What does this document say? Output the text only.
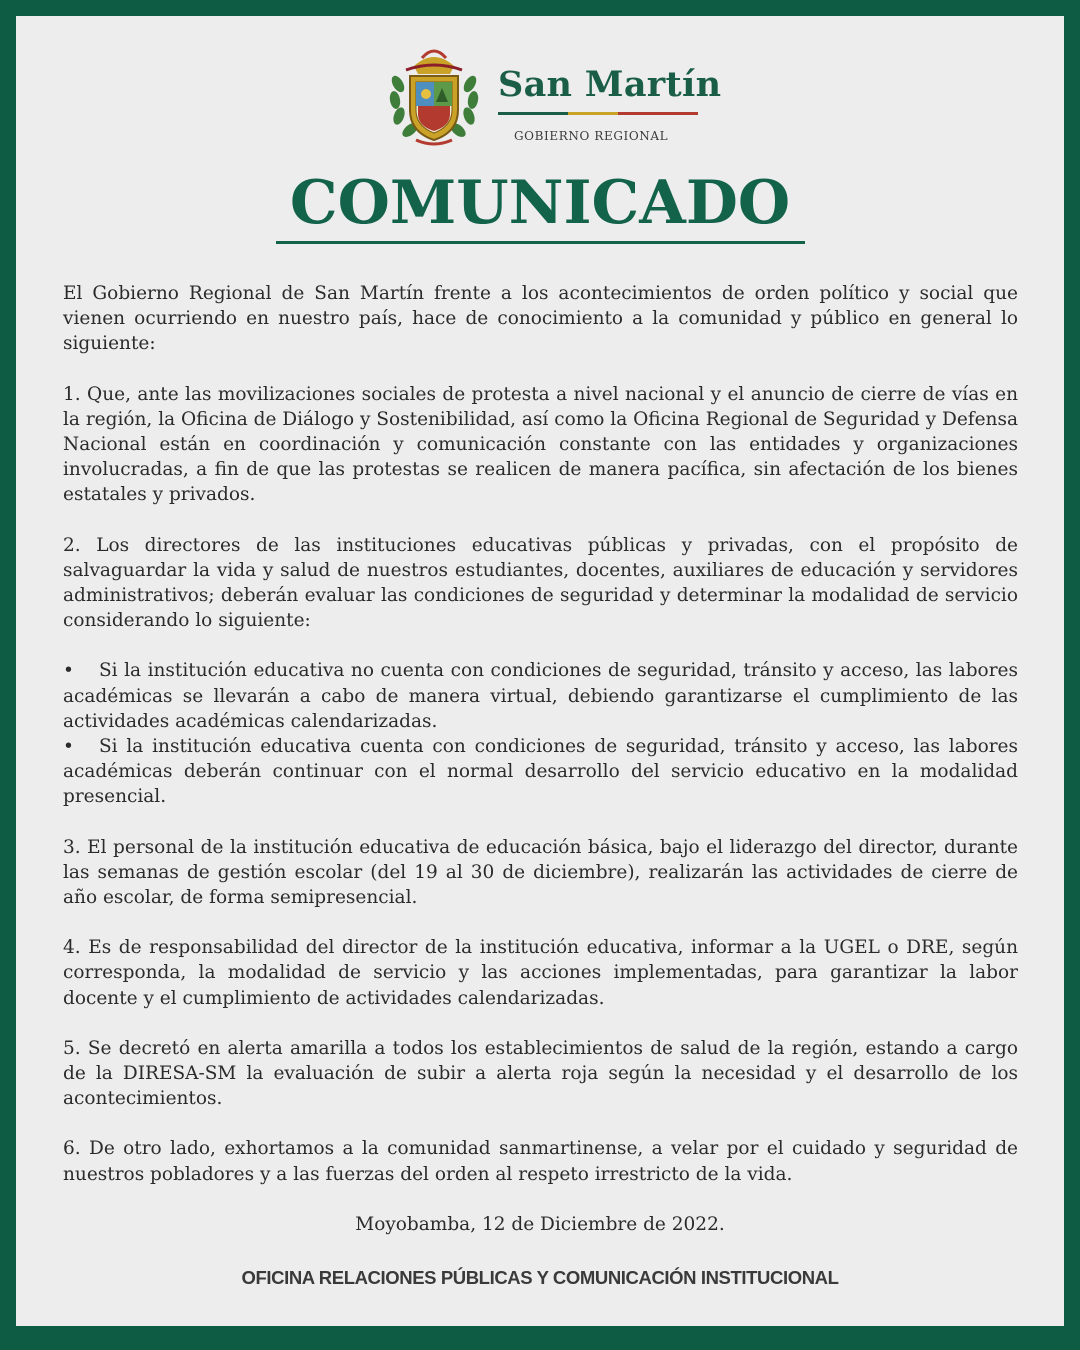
San Martín
GOBIERNO REGIONAL
COMUNICADO

El Gobierno Regional de San Martín frente a los acontecimientos de orden político y social que vienen ocurriendo en nuestro país, hace de conocimiento a la comunidad y público en general lo siguiente:

1. Que, ante las movilizaciones sociales de protesta a nivel nacional y el anuncio de cierre de vías en la región, la Oficina de Diálogo y Sostenibilidad, así como la Oficina Regional de Seguridad y Defensa Nacional están en coordinación y comunicación constante con las entidades y organizaciones involucradas, a fin de que las protestas se realicen de manera pacífica, sin afectación de los bienes estatales y privados.

2. Los directores de las instituciones educativas públicas y privadas, con el propósito de salvaguardar la vida y salud de nuestros estudiantes, docentes, auxiliares de educación y servidores administrativos; deberán evaluar las condiciones de seguridad y determinar la modalidad de servicio considerando lo siguiente:

• Si la institución educativa no cuenta con condiciones de seguridad, tránsito y acceso, las labores académicas se llevarán a cabo de manera virtual, debiendo garantizarse el cumplimiento de las actividades académicas calendarizadas.

• Si la institución educativa cuenta con condiciones de seguridad, tránsito y acceso, las labores académicas deberán continuar con el normal desarrollo del servicio educativo en la modalidad presencial.

3. El personal de la institución educativa de educación básica, bajo el liderazgo del director, durante las semanas de gestión escolar (del 19 al 30 de diciembre), realizarán las actividades de cierre de año escolar, de forma semipresencial.

4. Es de responsabilidad del director de la institución educativa, informar a la UGEL o DRE, según corresponda, la modalidad de servicio y las acciones implementadas, para garantizar la labor docente y el cumplimiento de actividades calendarizadas.

5. Se decretó en alerta amarilla a todos los establecimientos de salud de la región, estando a cargo de la DIRESA-SM la evaluación de subir a alerta roja según la necesidad y el desarrollo de los acontecimientos.

6. De otro lado, exhortamos a la comunidad sanmartinense, a velar por el cuidado y seguridad de nuestros pobladores y a las fuerzas del orden al respeto irrestricto de la vida.

Moyobamba, 12 de Diciembre de 2022.
OFICINA RELACIONES PÚBLICAS Y COMUNICACIÓN INSTITUCIONAL
